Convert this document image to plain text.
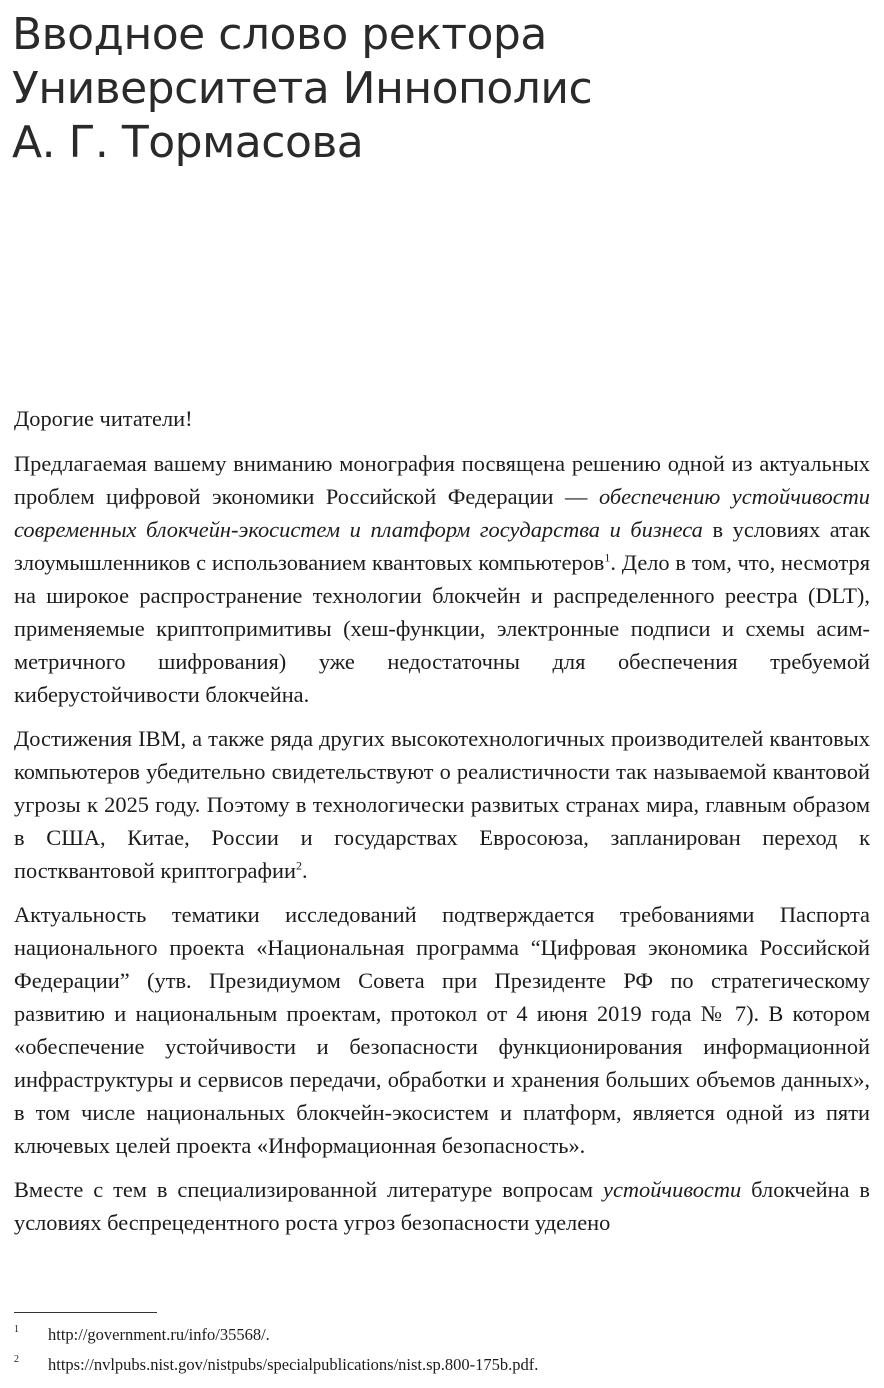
Вводное слово ректора
Университета Иннополис
А. Г. Тормасова

Дорогие читатели!

Предлагаемая вашему вниманию монография посвящена решению одной из актуальных проблем цифровой экономики Российской Федерации — обеспечению устойчивости современных блокчейн-экосистем и платформ государства и бизнеса в условиях атак злоумышленников с использованием квантовых компьютеров$^1$. Дело в том, что, несмотря на широкое распространение технологии блокчейн и распределенного реестра (DLT), применяемые криптопримитивы (хеш-функции, электронные подписи и схемы асимметричного шифрования) уже недостаточны для обеспечения требуемой киберустойчивости блокчейна.

Достижения IBM, а также ряда других высокотехнологичных производителей квантовых компьютеров убедительно свидетельствуют о реалистичности так называемой квантовой угрозы к 2025 году. Поэтому в технологически развитых странах мира, главным образом в США, Китае, России и государствах Евросоюза, запланирован переход к постквантовой криптографии$^2$.

Актуальность тематики исследований подтверждается требованиями Паспорта национального проекта «Национальная программа “Цифровая экономика Российской Федерации” (утв. Президиумом Совета при Президенте РФ по стратегическому развитию и национальным проектам, протокол от 4 июня 2019 года № 7). В котором «обеспечение устойчивости и безопасности функционирования информационной инфраструктуры и сервисов передачи, обработки и хранения больших объемов данных», в том числе национальных блокчейн-экосистем и платформ, является одной из пяти ключевых целей проекта «Информационная безопасность».

Вместе с тем в специализированной литературе вопросам устойчивости блокчейна в условиях беспрецедентного роста угроз безопасности уделено

1	http://government.ru/info/35568/.
2	https://nvlpubs.nist.gov/nistpubs/specialpublications/nist.sp.800-175b.pdf.
